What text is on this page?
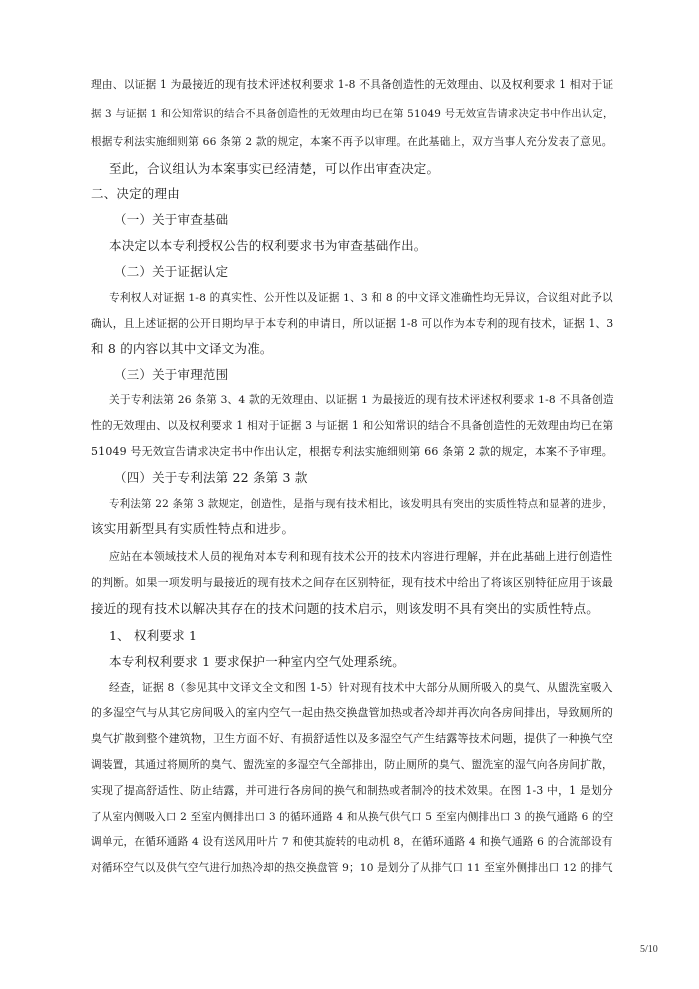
理由、以证据 1 为最接近的现有技术评述权利要求 1-8 不具备创造性的无效理由、以及权利要求 1 相对于证
据 3 与证据 1 和公知常识的结合不具备创造性的无效理由均已在第 51049 号无效宣告请求决定书中作出认定，
根据专利法实施细则第 66 条第 2 款的规定，本案不再予以审理。在此基础上，双方当事人充分发表了意见。
至此，合议组认为本案事实已经清楚，可以作出审查决定。
二、决定的理由
（一）关于审查基础
本决定以本专利授权公告的权利要求书为审查基础作出。
（二）关于证据认定
专利权人对证据 1-8 的真实性、公开性以及证据 1、3 和 8 的中文译文准确性均无异议，合议组对此予以
确认，且上述证据的公开日期均早于本专利的申请日，所以证据 1-8 可以作为本专利的现有技术，证据 1、3
和 8 的内容以其中文译文为准。
（三）关于审理范围
关于专利法第 26 条第 3、4 款的无效理由、以证据 1 为最接近的现有技术评述权利要求 1-8 不具备创造
性的无效理由、以及权利要求 1 相对于证据 3 与证据 1 和公知常识的结合不具备创造性的无效理由均已在第
51049 号无效宣告请求决定书中作出认定，根据专利法实施细则第 66 条第 2 款的规定，本案不予审理。
（四）关于专利法第 22 条第 3 款
专利法第 22 条第 3 款规定，创造性，是指与现有技术相比，该发明具有突出的实质性特点和显著的进步，
该实用新型具有实质性特点和进步。
应站在本领域技术人员的视角对本专利和现有技术公开的技术内容进行理解，并在此基础上进行创造性
的判断。如果一项发明与最接近的现有技术之间存在区别特征，现有技术中给出了将该区别特征应用于该最
接近的现有技术以解决其存在的技术问题的技术启示，则该发明不具有突出的实质性特点。
1、 权利要求 1
本专利权利要求 1 要求保护一种室内空气处理系统。
经查，证据 8（参见其中文译文全文和图 1-5）针对现有技术中大部分从厕所吸入的臭气、从盥洗室吸入
的多湿空气与从其它房间吸入的室内空气一起由热交换盘管加热或者冷却并再次向各房间排出，导致厕所的
臭气扩散到整个建筑物，卫生方面不好、有损舒适性以及多湿空气产生结露等技术问题，提供了一种换气空
调装置，其通过将厕所的臭气、盥洗室的多湿空气全部排出，防止厕所的臭气、盥洗室的湿气向各房间扩散，
实现了提高舒适性、防止结露，并可进行各房间的换气和制热或者制冷的技术效果。在图 1-3 中，1 是划分
了从室内侧吸入口 2 至室内侧排出口 3 的循环通路 4 和从换气供气口 5 至室内侧排出口 3 的换气通路 6 的空
调单元，在循环通路 4 设有送风用叶片 7 和使其旋转的电动机 8，在循环通路 4 和换气通路 6 的合流部设有
对循环空气以及供气空气进行加热冷却的热交换盘管 9；10 是划分了从排气口 11 至室外侧排出口 12 的排气
5/10
